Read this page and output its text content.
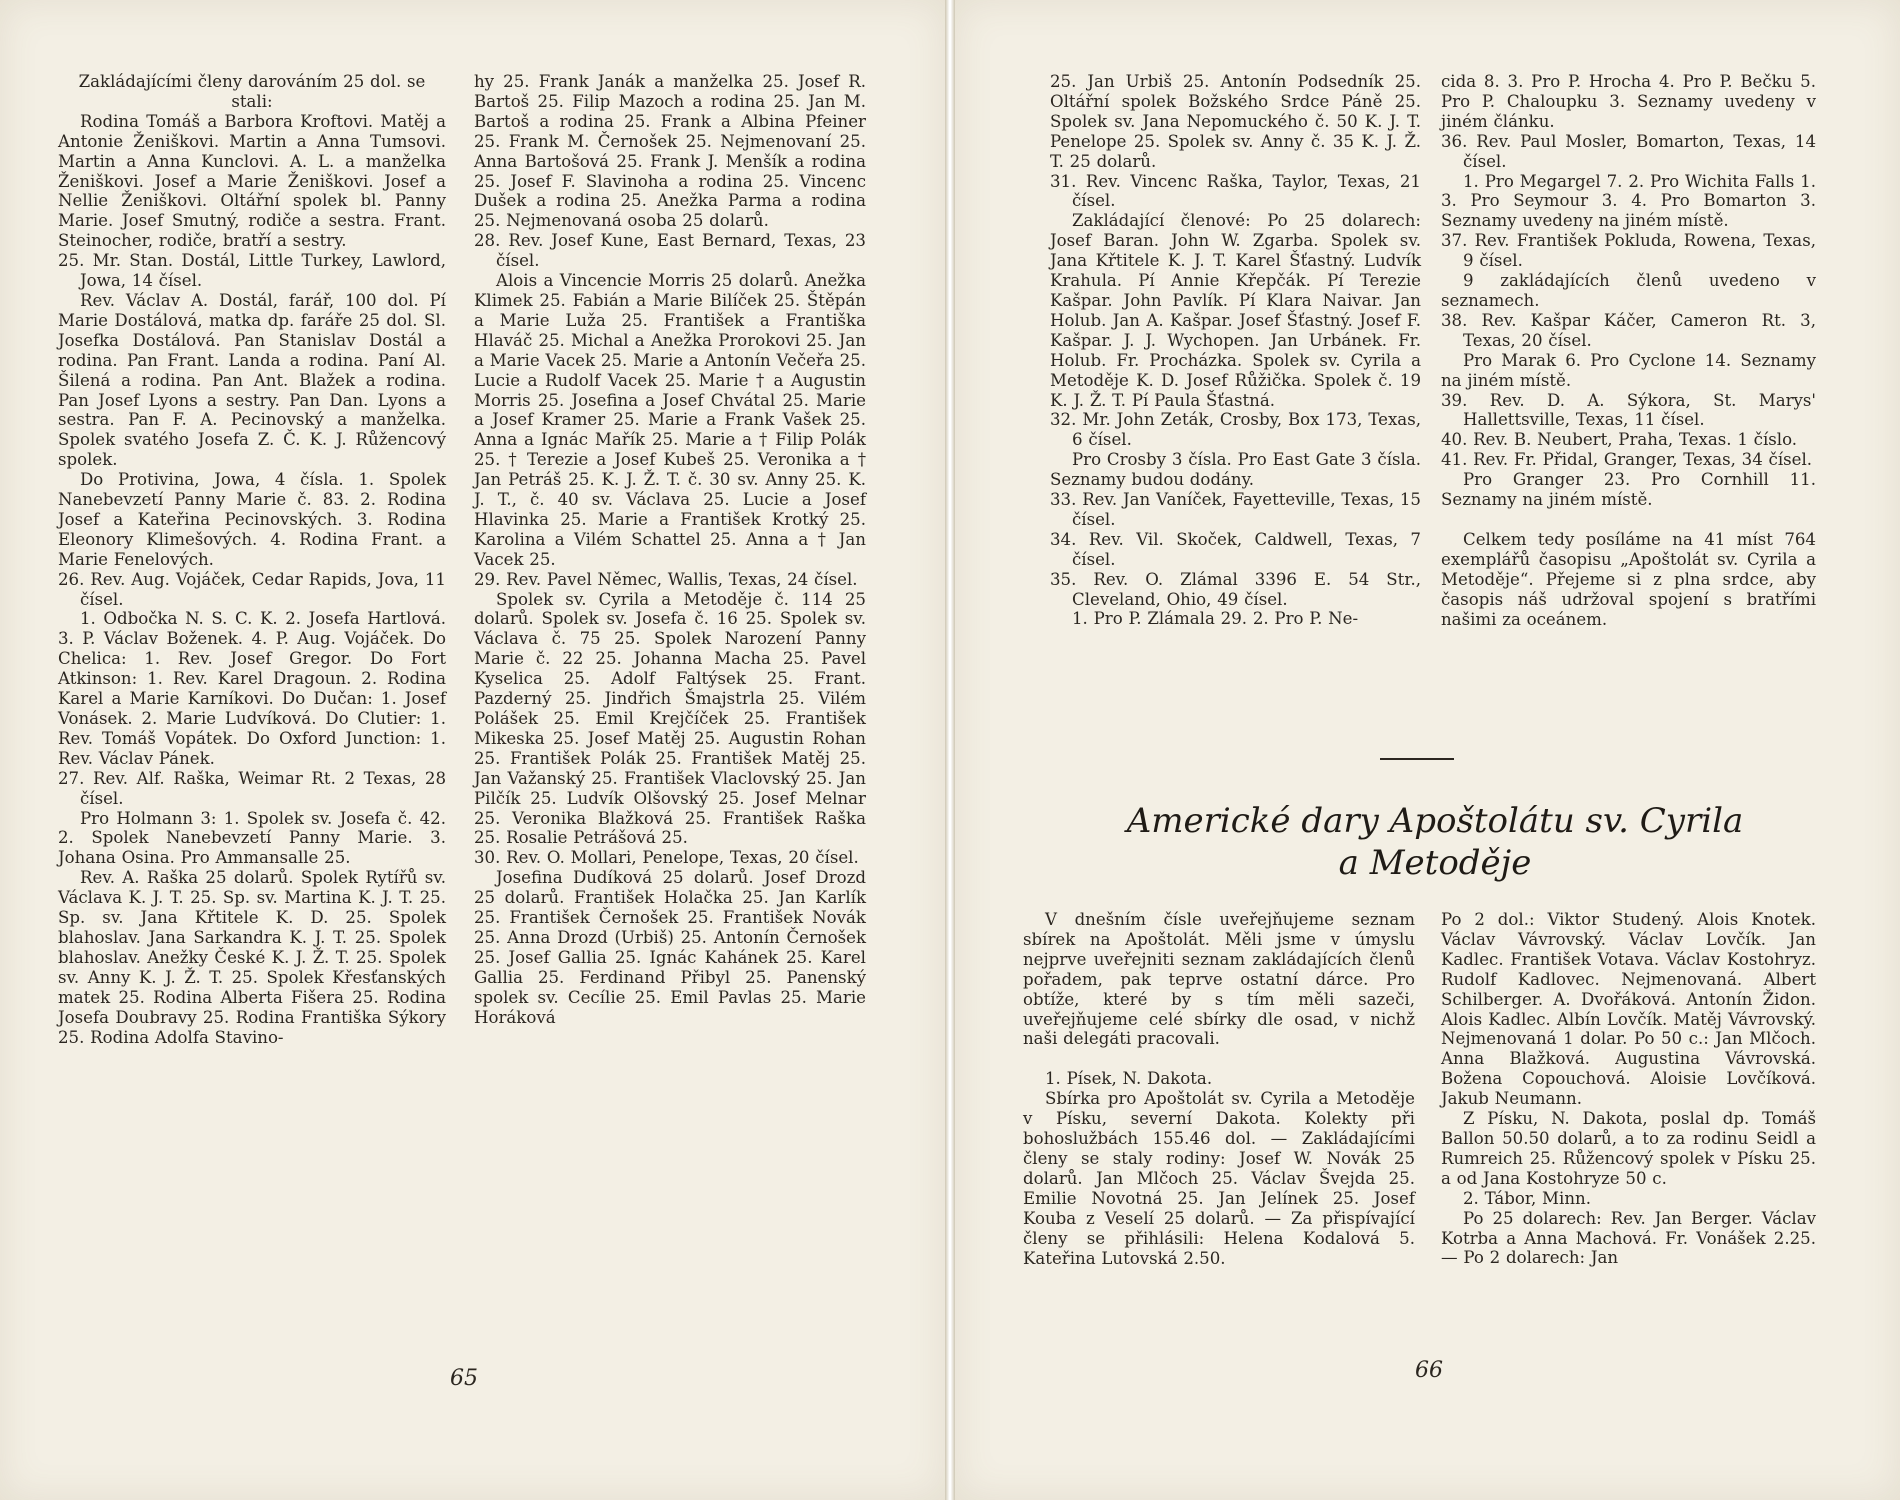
Zakládajícími členy darováním 25 dol. se stali:

Rodina Tomáš a Barbora Kroftovi. Matěj a Antonie Ženiškovi. Martin a Anna Tumsovi. Martin a Anna Kunclovi. A. L. a manželka Ženiškovi. Josef a Marie Ženiškovi. Josef a Nellie Ženiškovi. Oltářní spolek bl. Panny Marie. Josef Smutný, rodiče a sestra. Frant. Steinocher, rodiče, bratří a sestry.

25. Mr. Stan. Dostál, Little Turkey, Lawlord, Jowa, 14 čísel.

Rev. Václav A. Dostál, farář, 100 dol. Pí Marie Dostálová, matka dp. faráře 25 dol. Sl. Josefka Dostálová. Pan Stanislav Dostál a rodina. Pan Frant. Landa a rodina. Paní Al. Šilená a rodina. Pan Ant. Blažek a rodina. Pan Josef Lyons a sestry. Pan Dan. Lyons a sestra. Pan F. A. Pecinovský a manželka. Spolek svatého Josefa Z. Č. K. J. Růžencový spolek.

Do Protivina, Jowa, 4 čísla. 1. Spolek Nanebevzetí Panny Marie č. 83. 2. Rodina Josef a Kateřina Pecinovských. 3. Rodina Eleonory Klimešových. 4. Rodina Frant. a Marie Fenelových.

26. Rev. Aug. Vojáček, Cedar Rapids, Jova, 11 čísel.

1. Odbočka N. S. C. K. 2. Josefa Hartlová. 3. P. Václav Boženek. 4. P. Aug. Vojáček. Do Chelica: 1. Rev. Josef Gregor. Do Fort Atkinson: 1. Rev. Karel Dragoun. 2. Rodina Karel a Marie Karníkovi. Do Dučan: 1. Josef Vonásek. 2. Marie Ludvíková. Do Clutier: 1. Rev. Tomáš Vopátek. Do Oxford Junction: 1. Rev. Václav Pánek.

27. Rev. Alf. Raška, Weimar Rt. 2 Texas, 28 čísel.

Pro Holmann 3: 1. Spolek sv. Josefa č. 42. 2. Spolek Nanebevzetí Panny Marie. 3. Johana Osina. Pro Ammansalle 25.

Rev. A. Raška 25 dolarů. Spolek Rytířů sv. Václava K. J. T. 25. Sp. sv. Martina K. J. T. 25. Sp. sv. Jana Křtitele K. D. 25. Spolek blahoslav. Jana Sarkandra K. J. T. 25. Spolek blahoslav. Anežky České K. J. Ž. T. 25. Spolek sv. Anny K. J. Ž. T. 25. Spolek Křesťanských matek 25. Rodina Alberta Fišera 25. Rodina Josefa Doubravy 25. Rodina Františka Sýkory 25. Rodina Adolfa Stavino-

hy 25. Frank Janák a manželka 25. Josef R. Bartoš 25. Filip Mazoch a rodina 25. Jan M. Bartoš a rodina 25. Frank a Albina Pfeiner 25. Frank M. Černošek 25. Nejmenovaní 25. Anna Bartošová 25. Frank J. Menšík a rodina 25. Josef F. Slavinoha a rodina 25. Vincenc Dušek a rodina 25. Anežka Parma a rodina 25. Nejmenovaná osoba 25 dolarů.

28. Rev. Josef Kune, East Bernard, Texas, 23 čísel.

Alois a Vincencie Morris 25 dolarů. Anežka Klimek 25. Fabián a Marie Bilíček 25. Štěpán a Marie Luža 25. František a Františka Hlaváč 25. Michal a Anežka Prorokovi 25. Jan a Marie Vacek 25. Marie a Antonín Večeřa 25. Lucie a Rudolf Vacek 25. Marie † a Augustin Morris 25. Josefina a Josef Chvátal 25. Marie a Josef Kramer 25. Marie a Frank Vašek 25. Anna a Ignác Mařík 25. Marie a † Filip Polák 25. † Terezie a Josef Kubeš 25. Veronika a † Jan Petráš 25. K. J. Ž. T. č. 30 sv. Anny 25. K. J. T., č. 40 sv. Václava 25. Lucie a Josef Hlavinka 25. Marie a František Krotký 25. Karolina a Vilém Schattel 25. Anna a † Jan Vacek 25.

29. Rev. Pavel Němec, Wallis, Texas, 24 čísel.

Spolek sv. Cyrila a Metoděje č. 114 25 dolarů. Spolek sv. Josefa č. 16 25. Spolek sv. Václava č. 75 25. Spolek Narození Panny Marie č. 22 25. Johanna Macha 25. Pavel Kyselica 25. Adolf Faltýsek 25. Frant. Pazderný 25. Jindřich Šmajstrla 25. Vilém Polášek 25. Emil Krejčíček 25. František Mikeska 25. Josef Matěj 25. Augustin Rohan 25. František Polák 25. František Matěj 25. Jan Važanský 25. František Vlaclovský 25. Jan Pilčík 25. Ludvík Olšovský 25. Josef Melnar 25. Veronika Blažková 25. František Raška 25. Rosalie Petrášová 25.

30. Rev. O. Mollari, Penelope, Texas, 20 čísel.

Josefina Dudíková 25 dolarů. Josef Drozd 25 dolarů. František Holačka 25. Jan Karlík 25. František Černošek 25. František Novák 25. Anna Drozd (Urbiš) 25. Antonín Černošek 25. Josef Gallia 25. Ignác Kahánek 25. Karel Gallia 25. Ferdinand Přibyl 25. Panenský spolek sv. Cecílie 25. Emil Pavlas 25. Marie Horáková

65

25. Jan Urbiš 25. Antonín Podsedník 25. Oltářní spolek Božského Srdce Páně 25. Spolek sv. Jana Nepomuckého č. 50 K. J. T. Penelope 25. Spolek sv. Anny č. 35 K. J. Ž. T. 25 dolarů.

31. Rev. Vincenc Raška, Taylor, Texas, 21 čísel.

Zakládající členové: Po 25 dolarech: Josef Baran. John W. Zgarba. Spolek sv. Jana Křtitele K. J. T. Karel Šťastný. Ludvík Krahula. Pí Annie Křepčák. Pí Terezie Kašpar. John Pavlík. Pí Klara Naivar. Jan Holub. Jan A. Kašpar. Josef Šťastný. Josef F. Kašpar. J. J. Wychopen. Jan Urbánek. Fr. Holub. Fr. Procházka. Spolek sv. Cyrila a Metoděje K. D. Josef Růžička. Spolek č. 19 K. J. Ž. T. Pí Paula Šťastná.

32. Mr. John Zeták, Crosby, Box 173, Texas, 6 čísel.

Pro Crosby 3 čísla. Pro East Gate 3 čísla. Seznamy budou dodány.

33. Rev. Jan Vaníček, Fayetteville, Texas, 15 čísel.

34. Rev. Vil. Skoček, Caldwell, Texas, 7 čísel.

35. Rev. O. Zlámal 3396 E. 54 Str., Cleveland, Ohio, 49 čísel.

1. Pro P. Zlámala 29. 2. Pro P. Ne-

cida 8. 3. Pro P. Hrocha 4. Pro P. Bečku 5. Pro P. Chaloupku 3. Seznamy uvedeny v jiném článku.

36. Rev. Paul Mosler, Bomarton, Texas, 14 čísel.

1. Pro Megargel 7. 2. Pro Wichita Falls 1. 3. Pro Seymour 3. 4. Pro Bomarton 3. Seznamy uvedeny na jiném místě.

37. Rev. František Pokluda, Rowena, Texas, 9 čísel.

9 zakládajících členů uvedeno v seznamech.

38. Rev. Kašpar Káčer, Cameron Rt. 3, Texas, 20 čísel.

Pro Marak 6. Pro Cyclone 14. Seznamy na jiném místě.

39. Rev. D. A. Sýkora, St. Marys' Hallettsville, Texas, 11 čísel.

40. Rev. B. Neubert, Praha, Texas. 1 číslo.

41. Rev. Fr. Přidal, Granger, Texas, 34 čísel.

Pro Granger 23. Pro Cornhill 11. Seznamy na jiném místě.

Celkem tedy posíláme na 41 míst 764 exemplářů časopisu „Apoštolát sv. Cyrila a Metoděje“. Přejeme si z plna srdce, aby časopis náš udržoval spojení s bratřími našimi za oceánem.

Americké dary Apoštolátu sv. Cyrila
a Metoděje

V dnešním čísle uveřejňujeme seznam sbírek na Apoštolát. Měli jsme v úmyslu nejprve uveřejniti seznam zakládajících členů pořadem, pak teprve ostatní dárce. Pro obtíže, které by s tím měli sazeči, uveřejňujeme celé sbírky dle osad, v nichž naši delegáti pracovali.

1. Písek, N. Dakota.

Sbírka pro Apoštolát sv. Cyrila a Metoděje v Písku, severní Dakota. Kolekty při bohoslužbách 155.46 dol. — Zakládajícími členy se staly rodiny: Josef W. Novák 25 dolarů. Jan Mlčoch 25. Václav Švejda 25. Emilie Novotná 25. Jan Jelínek 25. Josef Kouba z Veselí 25 dolarů. — Za přispívající členy se přihlásili: Helena Kodalová 5. Kateřina Lutovská 2.50.

Po 2 dol.: Viktor Studený. Alois Knotek. Václav Vávrovský. Václav Lovčík. Jan Kadlec. František Votava. Václav Kostohryz. Rudolf Kadlovec. Nejmenovaná. Albert Schilberger. A. Dvořáková. Antonín Židon. Alois Kadlec. Albín Lovčík. Matěj Vávrovský. Nejmenovaná 1 dolar. Po 50 c.: Jan Mlčoch. Anna Blažková. Augustina Vávrovská. Božena Copouchová. Aloisie Lovčíková. Jakub Neumann.

Z Písku, N. Dakota, poslal dp. Tomáš Ballon 50.50 dolarů, a to za rodinu Seidl a Rumreich 25. Růžencový spolek v Písku 25. a od Jana Kostohryze 50 c.

2. Tábor, Minn.

Po 25 dolarech: Rev. Jan Berger. Václav Kotrba a Anna Machová. Fr. Vonášek 2.25. — Po 2 dolarech: Jan

66
